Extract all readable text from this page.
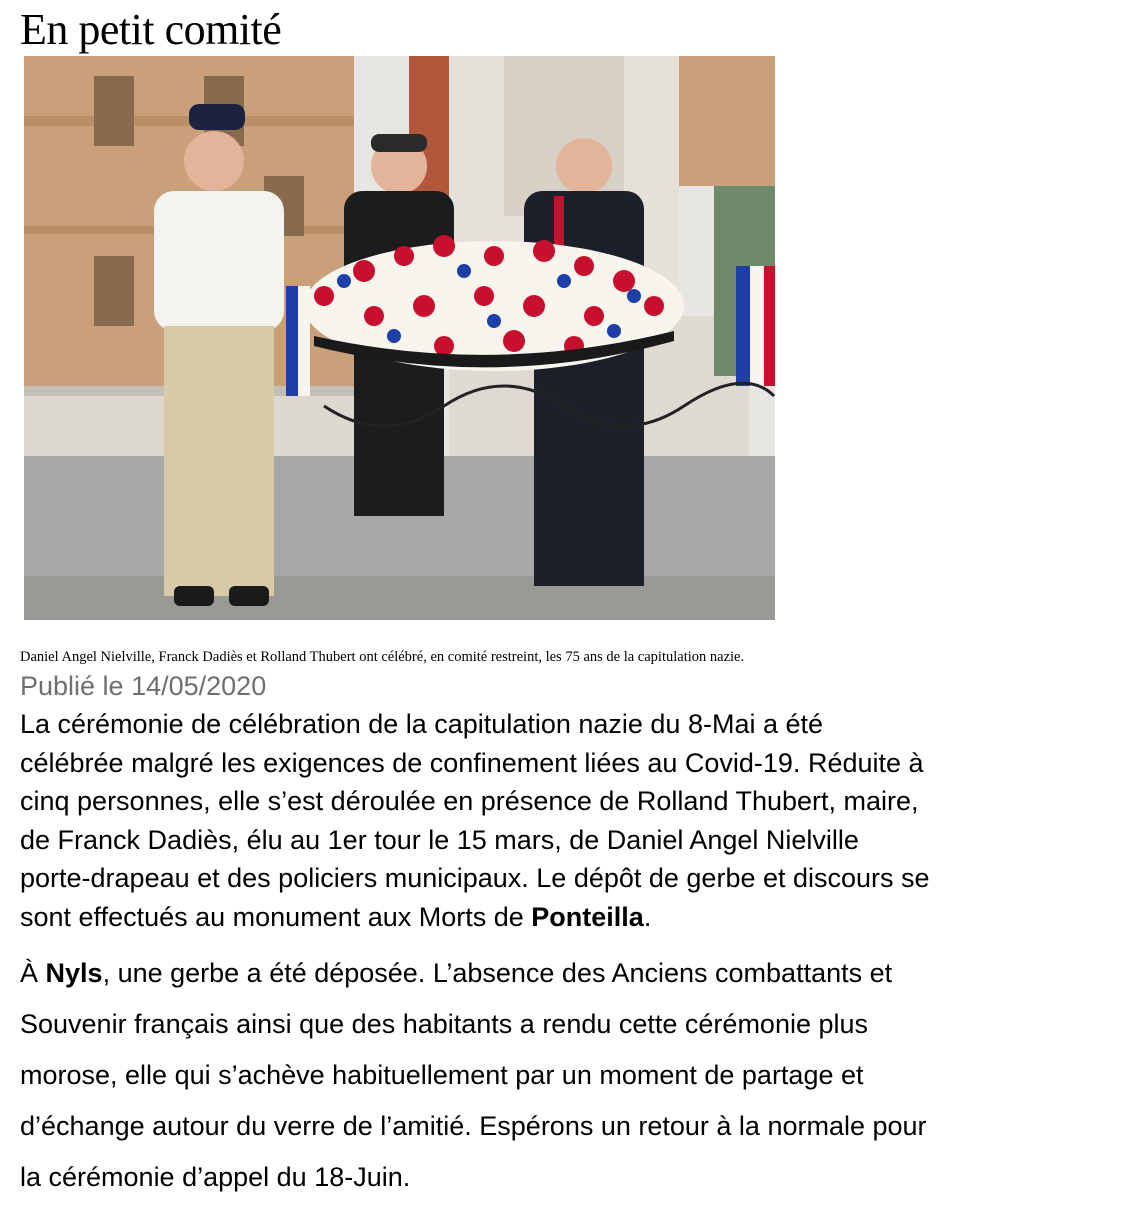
En petit comité
Daniel Angel Nielville, Franck Dadiès et Rolland Thubert ont célébré, en comité restreint, les 75 ans de la capitulation nazie.
Publié le 14/05/2020

La cérémonie de célébration de la capitulation nazie du 8-Mai a été
célébrée malgré les exigences de confinement liées au Covid-19. Réduite à
cinq personnes, elle s’est déroulée en présence de Rolland Thubert, maire,
de Franck Dadiès, élu au 1er tour le 15 mars, de Daniel Angel Nielville
porte-drapeau et des policiers municipaux. Le dépôt de gerbe et discours se
sont effectués au monument aux Morts de Ponteilla.

À Nyls, une gerbe a été déposée. L’absence des Anciens combattants et
Souvenir français ainsi que des habitants a rendu cette cérémonie plus
morose, elle qui s’achève habituellement par un moment de partage et
d’échange autour du verre de l’amitié. Espérons un retour à la normale pour
la cérémonie d’appel du 18-Juin.
